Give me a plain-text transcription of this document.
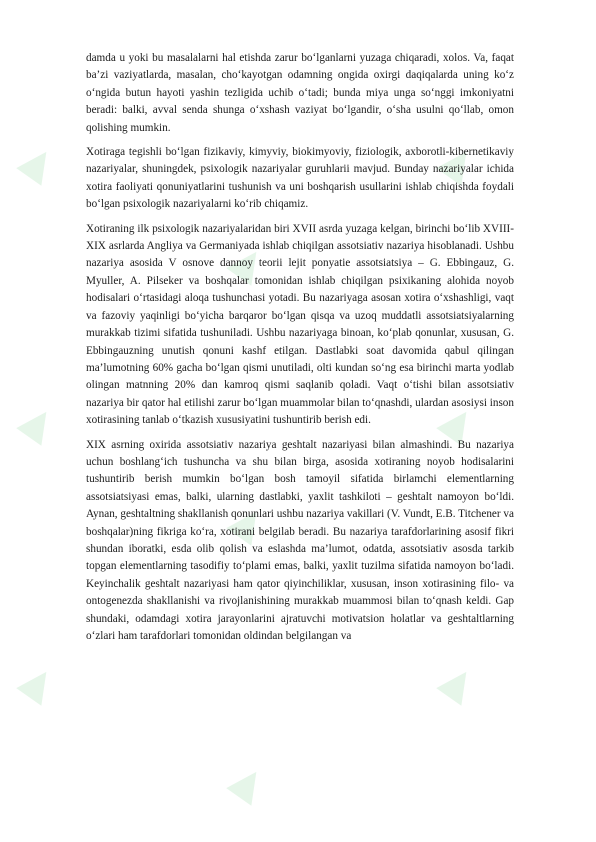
▶
▶
▶
▶
▶
▶
▶
▶
▶

damda u yoki bu masalalarni hal etishda zarur bo‘lganlarni yuzaga chiqaradi, xolos. Va, faqat ba’zi vaziyatlarda, masalan, cho‘kayotgan odamning ongida oxirgi daqiqalarda uning ko‘z o‘ngida butun hayoti yashin tezligida uchib o‘tadi; bunda miya unga so‘nggi imkoniyatni beradi: balki, avval senda shunga o‘xshash vaziyat bo‘lgandir, o‘sha usulni qo‘llab, omon qolishing mumkin.

Xotiraga tegishli bo‘lgan fizikaviy, kimyviy, biokimyoviy, fiziologik, axborotli-kibernetikaviy nazariyalar, shuningdek, psixologik nazariyalar guruhlarii mavjud. Bunday nazariyalar ichida xotira faoliyati qonuniyatlarini tushunish va uni boshqarish usullarini ishlab chiqishda foydali bo‘lgan psixologik nazariyalarni ko‘rib chiqamiz.

Xotiraning ilk psixologik nazariyalaridan biri XVII asrda yuzaga kelgan, birinchi bo‘lib XVIII-XIX asrlarda Angliya va Germaniyada ishlab chiqilgan assotsiativ nazariya hisoblanadi. Ushbu nazariya asosida V osnove dannoy teorii lejit ponyatie assotsiatsiya – G. Ebbingauz, G. Myuller, A. Pilseker va boshqalar tomonidan ishlab chiqilgan psixikaning alohida noyob hodisalari o‘rtasidagi aloqa tushunchasi yotadi. Bu nazariyaga asosan xotira o‘xshashligi, vaqt va fazoviy yaqinligi bo‘yicha barqaror bo‘lgan qisqa va uzoq muddatli assotsiatsiyalarning murakkab tizimi sifatida tushuniladi. Ushbu nazariyaga binoan, ko‘plab qonunlar, xususan, G. Ebbingauzning unutish qonuni kashf etilgan. Dastlabki soat davomida qabul qilingan ma’lumotning 60% gacha bo‘lgan qismi unutiladi, olti kundan so‘ng esa birinchi marta yodlab olingan matnning 20% dan kamroq qismi saqlanib qoladi. Vaqt o‘tishi bilan assotsiativ nazariya bir qator hal etilishi zarur bo‘lgan muammolar bilan to‘qnashdi, ulardan asosiysi inson xotirasining tanlab o‘tkazish xususiyatini tushuntirib berish edi.

XIX asrning oxirida assotsiativ nazariya geshtalt nazariyasi bilan almashindi. Bu nazariya uchun boshlang‘ich tushuncha va shu bilan birga, asosida xotiraning noyob hodisalarini tushuntirib berish mumkin bo‘lgan bosh tamoyil sifatida birlamchi elementlarning assotsiatsiyasi emas, balki, ularning dastlabki, yaxlit tashkiloti – geshtalt namoyon bo‘ldi. Aynan, geshtaltning shakllanish qonunlari ushbu nazariya vakillari (V. Vundt, E.B. Titchener va boshqalar)ning fikriga ko‘ra, xotirani belgilab beradi. Bu nazariya tarafdorlarining asosif fikri shundan iboratki, esda olib qolish va eslashda ma’lumot, odatda, assotsiativ asosda tarkib topgan elementlarning tasodifiy to‘plami emas, balki, yaxlit tuzilma sifatida namoyon bo‘ladi. Keyinchalik geshtalt nazariyasi ham qator qiyinchiliklar, xususan, inson xotirasining filo- va ontogenezda shakllanishi va rivojlanishining murakkab muammosi bilan to‘qnash keldi. Gap shundaki, odamdagi xotira jarayonlarini ajratuvchi motivatsion holatlar va geshtaltlarning o‘zlari ham tarafdorlari tomonidan oldindan belgilangan va
